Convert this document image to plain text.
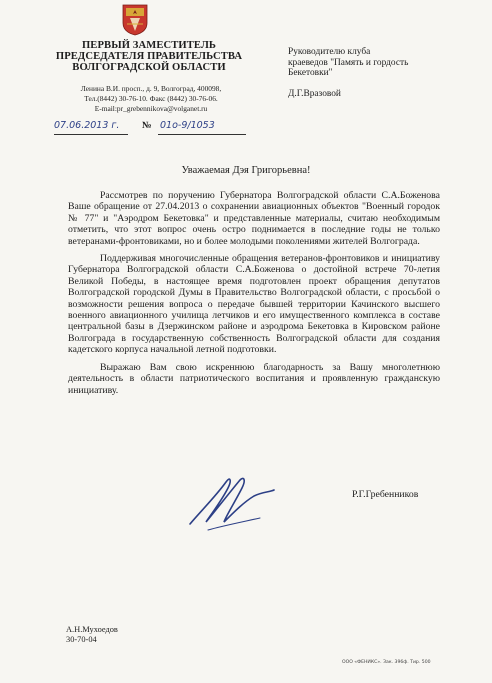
ПЕРВЫЙ ЗАМЕСТИТЕЛЬ
ПРЕДСЕДАТЕЛЯ ПРАВИТЕЛЬСТВА
ВОЛГОГРАДСКОЙ ОБЛАСТИ
Ленина В.И. просп., д. 9, Волгоград, 400098,
Тел.(8442) 30-76-10. Факс (8442) 30-76-06.
E-mail:pr_grebennikova@volganet.ru
Руководителю клуба
краеведов "Память и гордость
Бекетовки"
Д.Г.Вразовой
07.06.2013 г. № 01о-9/1053
Уважаемая Дэя Григорьевна!

Рассмотрев по поручению Губернатора Волгоградской области С.А.Боженова Ваше обращение от 27.04.2013 о сохранении авиационных объектов "Военный городок № 77" и "Аэродром Бекетовка" и представленные материалы, считаю необходимым отметить, что этот вопрос очень остро поднимается в последние годы не только ветеранами-фронтовиками, но и более молодыми поколениями жителей Волгограда.

Поддерживая многочисленные обращения ветеранов-фронтовиков и инициативу Губернатора Волгоградской области С.А.Боженова о достойной встрече 70-летия Великой Победы, в настоящее время подготовлен проект обращения депутатов Волгоградской городской Думы в Правительство Волгоградской области, с просьбой о возможности решения вопроса о передаче бывшей территории Качинского высшего военного авиационного училища летчиков и его имущественного комплекса в составе центральной базы в Дзержинском районе и аэродрома Бекетовка в Кировском районе Волгограда в государственную собственность Волгоградской области для создания кадетского корпуса начальной летной подготовки.

Выражаю Вам свою искреннюю благодарность за Вашу многолетнюю деятельность в области патриотического воспитания и проявленную гражданскую инициативу.

Р.Г.Гребенников
А.Н.Мухоедов
30-70-04
ООО «ФЕНИКС». Зак. 396ф. Тир. 500
